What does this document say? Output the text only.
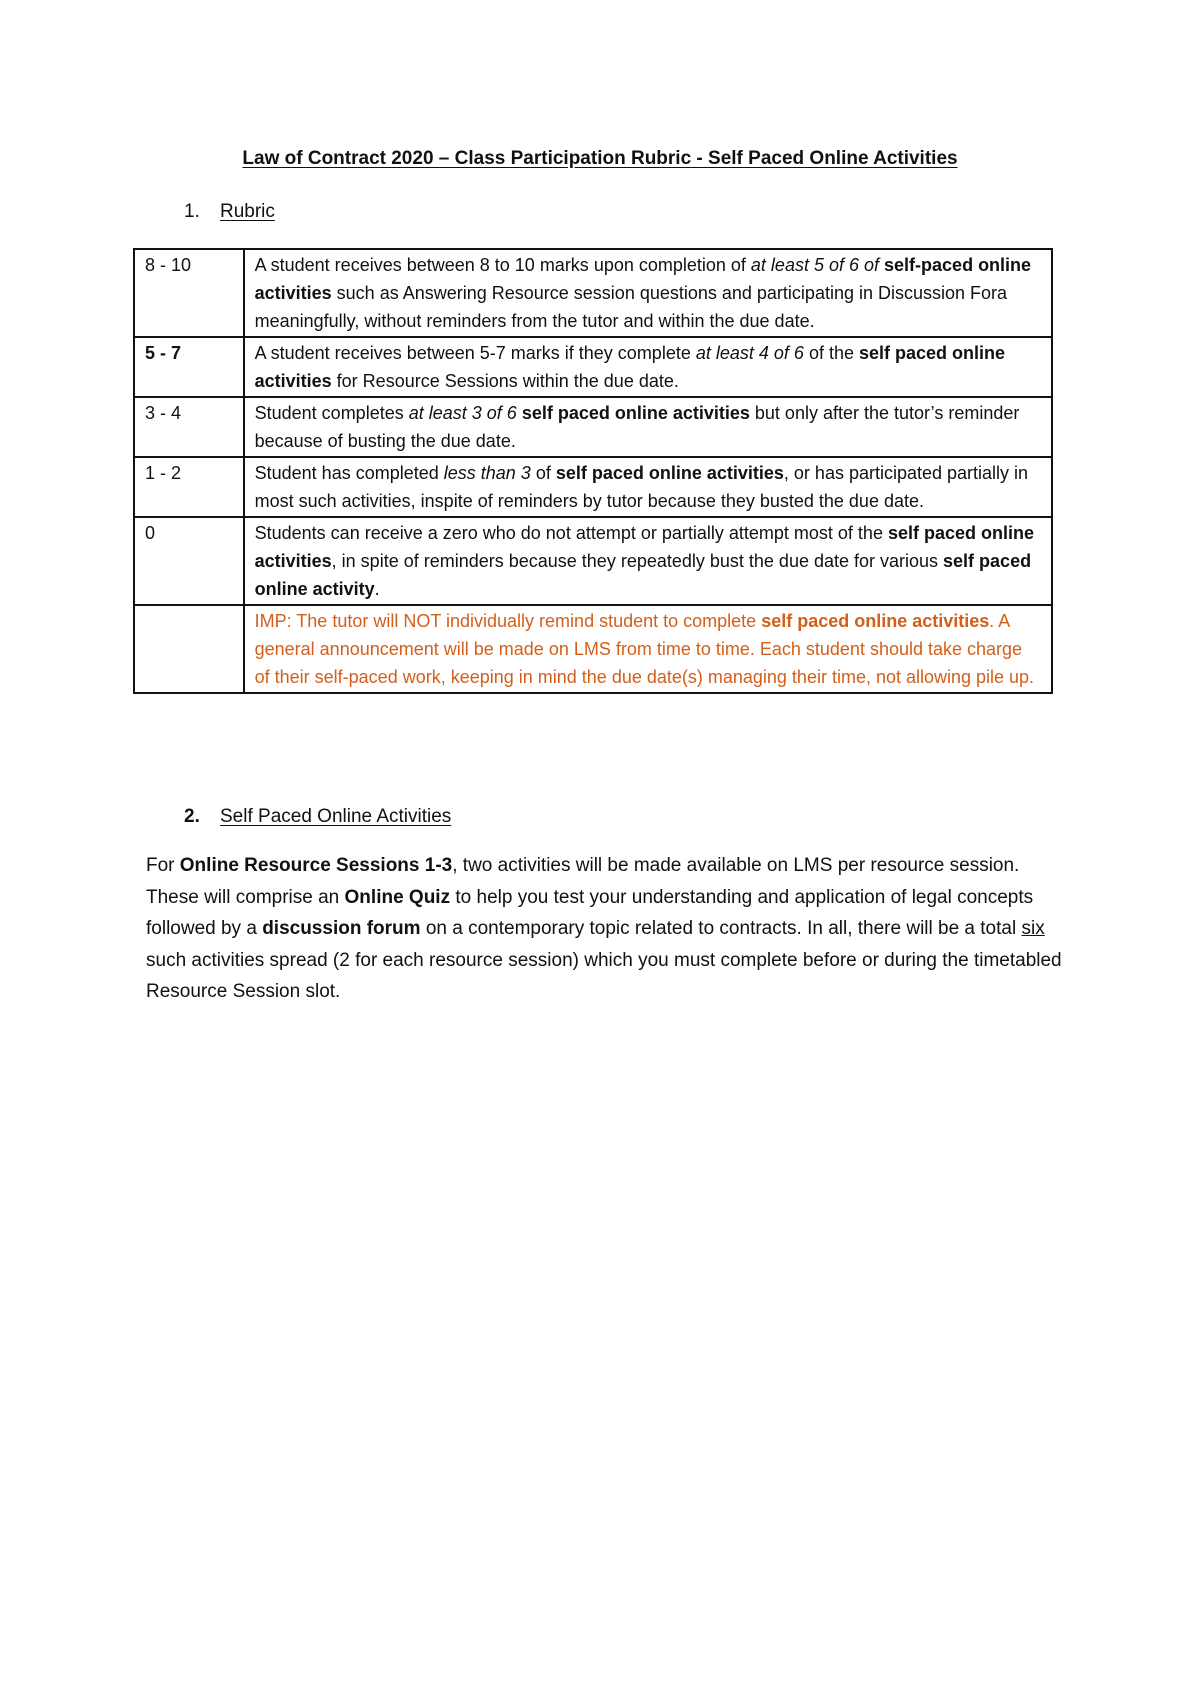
Law of Contract 2020 – Class Participation Rubric - Self Paced Online Activities
1. Rubric
8 - 10	A student receives between 8 to 10 marks upon completion of at least 5 of 6 of self-paced online activities such as Answering Resource session questions and participating in Discussion Fora meaningfully, without reminders from the tutor and within the due date.
5 - 7	A student receives between 5-7 marks if they complete at least 4 of 6 of the self paced online activities for Resource Sessions within the due date.
3 - 4	Student completes at least 3 of 6 self paced online activities but only after the tutor’s reminder because of busting the due date.
1 - 2	Student has completed less than 3 of self paced online activities, or has participated partially in most such activities, inspite of reminders by tutor because they busted the due date.
0	Students can receive a zero who do not attempt or partially attempt most of the self paced online activities, in spite of reminders because they repeatedly bust the due date for various self paced online activity.
	IMP: The tutor will NOT individually remind student to complete self paced online activities. A general announcement will be made on LMS from time to time. Each student should take charge of their self-paced work, keeping in mind the due date(s) managing their time, not allowing pile up.
2. Self Paced Online Activities
For Online Resource Sessions 1-3, two activities will be made available on LMS per resource session. These will comprise an Online Quiz to help you test your understanding and application of legal concepts followed by a discussion forum on a contemporary topic related to contracts. In all, there will be a total six such activities spread (2 for each resource session) which you must complete before or during the timetabled Resource Session slot.
